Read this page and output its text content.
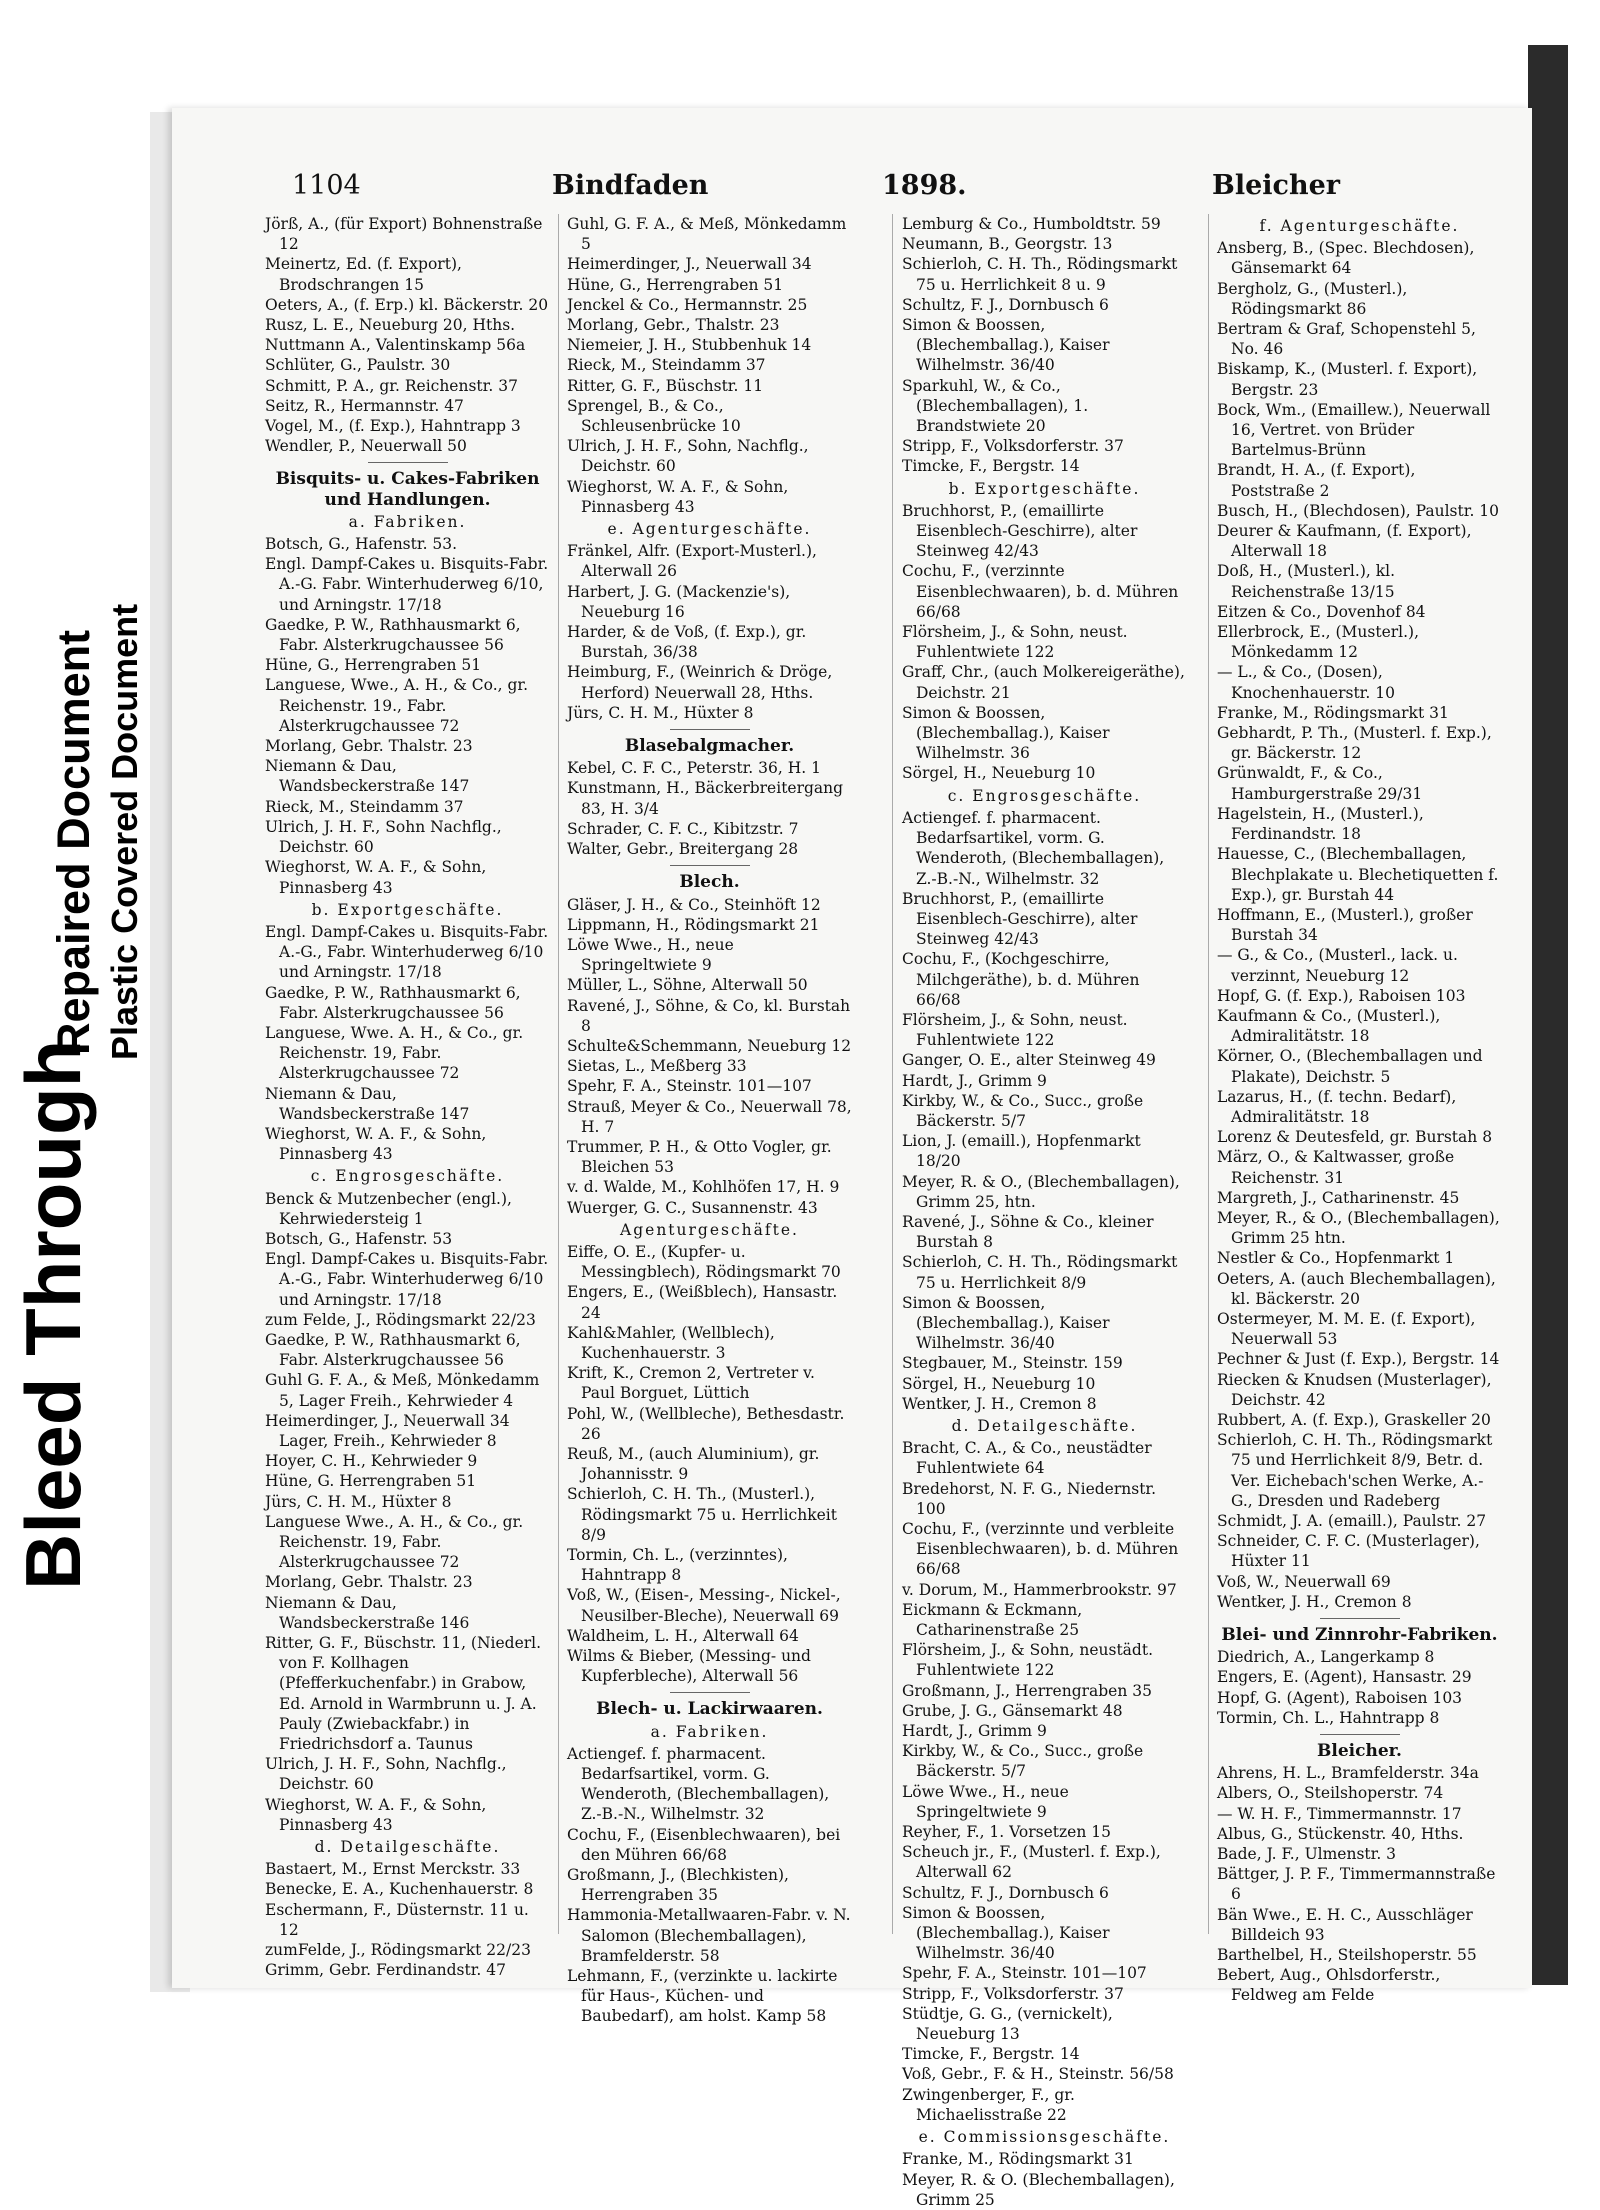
Bleed Through
Repaired Document Plastic Covered Document
1104	Bindfaden	1898.	Bleicher
Jörß, A., (für Export) Bohnenstraße 12
Meinertz, Ed. (f. Export), Brodschrangen 15
Oeters, A., (f. Erp.) kl. Bäckerstr. 20
Rusz, L. E., Neueburg 20, Hths.
Nuttmann A., Valentinskamp 56a
Schlüter, G., Paulstr. 30
Schmitt, P. A., gr. Reichenstr. 37
Seitz, R., Hermannstr. 47
Vogel, M., (f. Exp.), Hahntrapp 3
Wendler, P., Neuerwall 50
Bisquits- u. Cakes-Fabriken und Handlungen.
a. Fabriken.
Botsch, G., Hafenstr. 53.
Engl. Dampf-Cakes u. Bisquits-Fabr. A.-G. Fabr. Winterhuderweg 6/10, und Arningstr. 17/18
Gaedke, P. W., Rathhausmarkt 6, Fabr. Alsterkrugchaussee 56
Hüne, G., Herrengraben 51
Languese, Wwe., A. H., & Co., gr. Reichenstr. 19., Fabr. Alsterkrugchaussee 72
Morlang, Gebr. Thalstr. 23
Niemann & Dau, Wandsbeckerstraße 147
Rieck, M., Steindamm 37
Ulrich, J. H. F., Sohn Nachflg., Deichstr. 60
Wieghorst, W. A. F., & Sohn, Pinnasberg 43
b. Exportgeschäfte.
Engl. Dampf-Cakes u. Bisquits-Fabr. A.-G., Fabr. Winterhuderweg 6/10 und Arningstr. 17/18
Gaedke, P. W., Rathhausmarkt 6, Fabr. Alsterkrugchaussee 56
Languese, Wwe. A. H., & Co., gr. Reichenstr. 19, Fabr. Alsterkrugchaussee 72
Niemann & Dau, Wandsbeckerstraße 147
Wieghorst, W. A. F., & Sohn, Pinnasberg 43
c. Engrosgeschäfte.
Benck & Mutzenbecher (engl.), Kehrwiedersteig 1
Botsch, G., Hafenstr. 53
Engl. Dampf-Cakes u. Bisquits-Fabr. A.-G., Fabr. Winterhuderweg 6/10 und Arningstr. 17/18
zum Felde, J., Rödingsmarkt 22/23
Gaedke, P. W., Rathhausmarkt 6, Fabr. Alsterkrugchaussee 56
Guhl G. F. A., & Meß, Mönkedamm 5, Lager Freih., Kehrwieder 4
Heimerdinger, J., Neuerwall 34 Lager, Freih., Kehrwieder 8
Hoyer, C. H., Kehrwieder 9
Hüne, G. Herrengraben 51
Jürs, C. H. M., Hüxter 8
Languese Wwe., A. H., & Co., gr. Reichenstr. 19, Fabr. Alsterkrugchaussee 72
Morlang, Gebr. Thalstr. 23
Niemann & Dau, Wandsbeckerstraße 146
Ritter, G. F., Büschstr. 11, (Niederl. von F. Kollhagen (Pfefferkuchenfabr.) in Grabow, Ed. Arnold in Warmbrunn u. J. A. Pauly (Zwiebackfabr.) in Friedrichsdorf a. Taunus
Ulrich, J. H. F., Sohn, Nachflg., Deichstr. 60
Wieghorst, W. A. F., & Sohn, Pinnasberg 43
d. Detailgeschäfte.
Bastaert, M., Ernst Merckstr. 33
Benecke, E. A., Kuchenhauerstr. 8
Eschermann, F., Düsternstr. 11 u. 12
zumFelde, J., Rödingsmarkt 22/23
Grimm, Gebr. Ferdinandstr. 47
Guhl, G. F. A., & Meß, Mönkedamm 5
Heimerdinger, J., Neuerwall 34
Hüne, G., Herrengraben 51
Jenckel & Co., Hermannstr. 25
Morlang, Gebr., Thalstr. 23
Niemeier, J. H., Stubbenhuk 14
Rieck, M., Steindamm 37
Ritter, G. F., Büschstr. 11
Sprengel, B., & Co., Schleusenbrücke 10
Ulrich, J. H. F., Sohn, Nachflg., Deichstr. 60
Wieghorst, W. A. F., & Sohn, Pinnasberg 43
e. Agenturgeschäfte.
Fränkel, Alfr. (Export-Musterl.), Alterwall 26
Harbert, J. G. (Mackenzie's), Neueburg 16
Harder, & de Voß, (f. Exp.), gr. Burstah, 36/38
Heimburg, F., (Weinrich & Dröge, Herford) Neuerwall 28, Hths.
Jürs, C. H. M., Hüxter 8
Blasebalgmacher.
Kebel, C. F. C., Peterstr. 36, H. 1
Kunstmann, H., Bäckerbreitergang 83, H. 3/4
Schrader, C. F. C., Kibitzstr. 7
Walter, Gebr., Breitergang 28
Blech.
Gläser, J. H., & Co., Steinhöft 12
Lippmann, H., Rödingsmarkt 21
Löwe Wwe., H., neue Springeltwiete 9
Müller, L., Söhne, Alterwall 50
Ravené, J., Söhne, & Co, kl. Burstah 8
Schulte&Schemmann, Neueburg 12
Sietas, L., Meßberg 33
Spehr, F. A., Steinstr. 101—107
Strauß, Meyer & Co., Neuerwall 78, H. 7
Trummer, P. H., & Otto Vogler, gr. Bleichen 53
v. d. Walde, M., Kohlhöfen 17, H. 9
Wuerger, G. C., Susannenstr. 43
Agenturgeschäfte.
Eiffe, O. E., (Kupfer- u. Messingblech), Rödingsmarkt 70
Engers, E., (Weißblech), Hansastr. 24
Kahl&Mahler, (Wellblech), Kuchenhauerstr. 3
Krift, K., Cremon 2, Vertreter v. Paul Borguet, Lüttich
Pohl, W., (Wellbleche), Bethesdastr. 26
Reuß, M., (auch Aluminium), gr. Johannisstr. 9
Schierloh, C. H. Th., (Musterl.), Rödingsmarkt 75 u. Herrlichkeit 8/9
Tormin, Ch. L., (verzinntes), Hahntrapp 8
Voß, W., (Eisen-, Messing-, Nickel-, Neusilber-Bleche), Neuerwall 69
Waldheim, L. H., Alterwall 64
Wilms & Bieber, (Messing- und Kupferbleche), Alterwall 56
Blech- u. Lackirwaaren.
a. Fabriken.
Actiengef. f. pharmacent. Bedarfsartikel, vorm. G. Wenderoth, (Blechemballagen), Z.-B.-N., Wilhelmstr. 32
Cochu, F., (Eisenblechwaaren), bei den Mühren 66/68
Großmann, J., (Blechkisten), Herrengraben 35
Hammonia-Metallwaaren-Fabr. v. N. Salomon (Blechemballagen), Bramfelderstr. 58
Lehmann, F., (verzinkte u. lackirte für Haus-, Küchen- und Baubedarf), am holst. Kamp 58
Lemburg & Co., Humboldtstr. 59
Neumann, B., Georgstr. 13
Schierloh, C. H. Th., Rödingsmarkt 75 u. Herrlichkeit 8 u. 9
Schultz, F. J., Dornbusch 6
Simon & Boossen, (Blechemballag.), Kaiser Wilhelmstr. 36/40
Sparkuhl, W., & Co., (Blechemballagen), 1. Brandstwiete 20
Stripp, F., Volksdorferstr. 37
Timcke, F., Bergstr. 14
b. Exportgeschäfte.
Bruchhorst, P., (emaillirte Eisenblech-Geschirre), alter Steinweg 42/43
Cochu, F., (verzinnte Eisenblechwaaren), b. d. Mühren 66/68
Flörsheim, J., & Sohn, neust. Fuhlentwiete 122
Graff, Chr., (auch Molkereigeräthe), Deichstr. 21
Simon & Boossen, (Blechemballag.), Kaiser Wilhelmstr. 36
Sörgel, H., Neueburg 10
c. Engrosgeschäfte.
Actiengef. f. pharmacent. Bedarfsartikel, vorm. G. Wenderoth, (Blechemballagen), Z.-B.-N., Wilhelmstr. 32
Bruchhorst, P., (emaillirte Eisenblech-Geschirre), alter Steinweg 42/43
Cochu, F., (Kochgeschirre, Milchgeräthe), b. d. Mühren 66/68
Flörsheim, J., & Sohn, neust. Fuhlentwiete 122
Ganger, O. E., alter Steinweg 49
Hardt, J., Grimm 9
Kirkby, W., & Co., Succ., große Bäckerstr. 5/7
Lion, J. (emaill.), Hopfenmarkt 18/20
Meyer, R. & O., (Blechemballagen), Grimm 25, htn.
Ravené, J., Söhne & Co., kleiner Burstah 8
Schierloh, C. H. Th., Rödingsmarkt 75 u. Herrlichkeit 8/9
Simon & Boossen, (Blechemballag.), Kaiser Wilhelmstr. 36/40
Stegbauer, M., Steinstr. 159
Sörgel, H., Neueburg 10
Wentker, J. H., Cremon 8
d. Detailgeschäfte.
Bracht, C. A., & Co., neustädter Fuhlentwiete 64
Bredehorst, N. F. G., Niedernstr. 100
Cochu, F., (verzinnte und verbleite Eisenblechwaaren), b. d. Mühren 66/68
v. Dorum, M., Hammerbrookstr. 97
Eickmann & Eckmann, Catharinenstraße 25
Flörsheim, J., & Sohn, neustädt. Fuhlentwiete 122
Großmann, J., Herrengraben 35
Grube, J. G., Gänsemarkt 48
Hardt, J., Grimm 9
Kirkby, W., & Co., Succ., große Bäckerstr. 5/7
Löwe Wwe., H., neue Springeltwiete 9
Reyher, F., 1. Vorsetzen 15
Scheuch jr., F., (Musterl. f. Exp.), Alterwall 62
Schultz, F. J., Dornbusch 6
Simon & Boossen, (Blechemballag.), Kaiser Wilhelmstr. 36/40
Spehr, F. A., Steinstr. 101—107
Stripp, F., Volksdorferstr. 37
Stüdtje, G. G., (vernickelt), Neueburg 13
Timcke, F., Bergstr. 14
Voß, Gebr., F. & H., Steinstr. 56/58
Zwingenberger, F., gr. Michaelisstraße 22
e. Commissionsgeschäfte.
Franke, M., Rödingsmarkt 31
Meyer, R. & O. (Blechemballagen), Grimm 25
f. Agenturgeschäfte.
Ansberg, B., (Spec. Blechdosen), Gänsemarkt 64
Bergholz, G., (Musterl.), Rödingsmarkt 86
Bertram & Graf, Schopenstehl 5, No. 46
Biskamp, K., (Musterl. f. Export), Bergstr. 23
Bock, Wm., (Emaillew.), Neuerwall 16, Vertret. von Brüder Bartelmus-Brünn
Brandt, H. A., (f. Export), Poststraße 2
Busch, H., (Blechdosen), Paulstr. 10
Deurer & Kaufmann, (f. Export), Alterwall 18
Doß, H., (Musterl.), kl. Reichenstraße 13/15
Eitzen & Co., Dovenhof 84
Ellerbrock, E., (Musterl.), Mönkedamm 12
— L., & Co., (Dosen), Knochenhauerstr. 10
Franke, M., Rödingsmarkt 31
Gebhardt, P. Th., (Musterl. f. Exp.), gr. Bäckerstr. 12
Grünwaldt, F., & Co., Hamburgerstraße 29/31
Hagelstein, H., (Musterl.), Ferdinandstr. 18
Hauesse, C., (Blechemballagen, Blechplakate u. Blechetiquetten f. Exp.), gr. Burstah 44
Hoffmann, E., (Musterl.), großer Burstah 34
— G., & Co., (Musterl., lack. u. verzinnt, Neueburg 12
Hopf, G. (f. Exp.), Raboisen 103
Kaufmann & Co., (Musterl.), Admiralitätstr. 18
Körner, O., (Blechemballagen und Plakate), Deichstr. 5
Lazarus, H., (f. techn. Bedarf), Admiralitätstr. 18
Lorenz & Deutesfeld, gr. Burstah 8
März, O., & Kaltwasser, große Reichenstr. 31
Margreth, J., Catharinenstr. 45
Meyer, R., & O., (Blechemballagen), Grimm 25 htn.
Nestler & Co., Hopfenmarkt 1
Oeters, A. (auch Blechemballagen), kl. Bäckerstr. 20
Ostermeyer, M. M. E. (f. Export), Neuerwall 53
Pechner & Just (f. Exp.), Bergstr. 14
Riecken & Knudsen (Musterlager), Deichstr. 42
Rubbert, A. (f. Exp.), Graskeller 20
Schierloh, C. H. Th., Rödingsmarkt 75 und Herrlichkeit 8/9, Betr. d. Ver. Eichebach'schen Werke, A.-G., Dresden und Radeberg
Schmidt, J. A. (emaill.), Paulstr. 27
Schneider, C. F. C. (Musterlager), Hüxter 11
Voß, W., Neuerwall 69
Wentker, J. H., Cremon 8
Blei- und Zinnrohr-Fabriken.
Diedrich, A., Langerkamp 8
Engers, E. (Agent), Hansastr. 29
Hopf, G. (Agent), Raboisen 103
Tormin, Ch. L., Hahntrapp 8
Bleicher.
Ahrens, H. L., Bramfelderstr. 34a
Albers, O., Steilshoperstr. 74
— W. H. F., Timmermannstr. 17
Albus, G., Stückenstr. 40, Hths.
Bade, J. F., Ulmenstr. 3
Bättger, J. P. F., Timmermannstraße 6
Bän Wwe., E. H. C., Ausschläger Billdeich 93
Barthelbel, H., Steilshoperstr. 55
Bebert, Aug., Ohlsdorferstr., Feldweg am Felde
